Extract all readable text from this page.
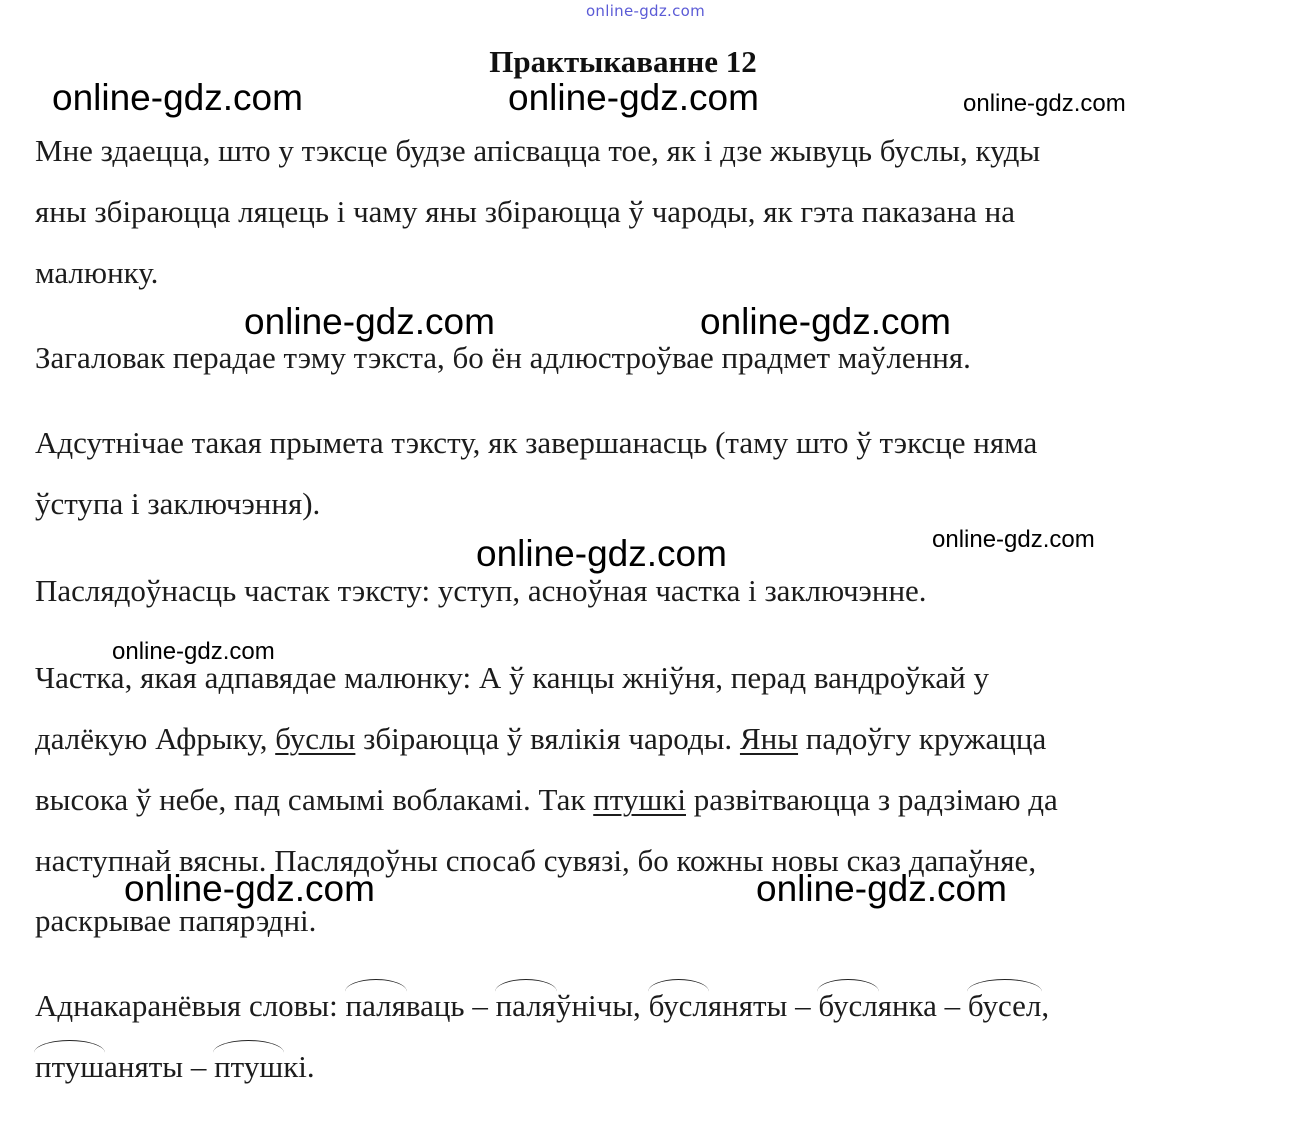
online-gdz.com
Практыкаванне 12
Мне здаецца, што у тэксце будзе апісвацца тое, як і дзе жывуць буслы, куды
яны збіраюцца ляцець і чаму яны збіраюцца ў чароды, як гэта паказана на
малюнку.
Загаловак перадае тэму тэкста, бо ён адлюстроўвае прадмет маўлення.
Адсутнічае такая прымета тэксту, як завершанасць (таму што ў тэксце няма
ўступа і заключэння).
Паслядоўнасць частак тэксту: уступ, асноўная частка і заключэнне.
Частка, якая адпавядае малюнку: А ў канцы жніўня, перад вандроўкай у
далёкую Афрыку, буслы збіраюцца ў вялікія чароды. Яны падоўгу кружацца
высока ў небе, пад самымі воблакамі. Так птушкі развітваюцца з радзімаю да
наступнай вясны. Паслядоўны спосаб сувязі, бо кожны новы сказ дапаўняе,
раскрывае папярэдні.
Аднакаранёвыя словы: паляваць – паляўнічы, бусляняты – буслянка – бусел,
птушаняты – птушкі.
online-gdz.com	online-gdz.com	online-gdz.com
online-gdz.com	online-gdz.com
online-gdz.com
online-gdz.com
online-gdz.com
online-gdz.com	online-gdz.com
